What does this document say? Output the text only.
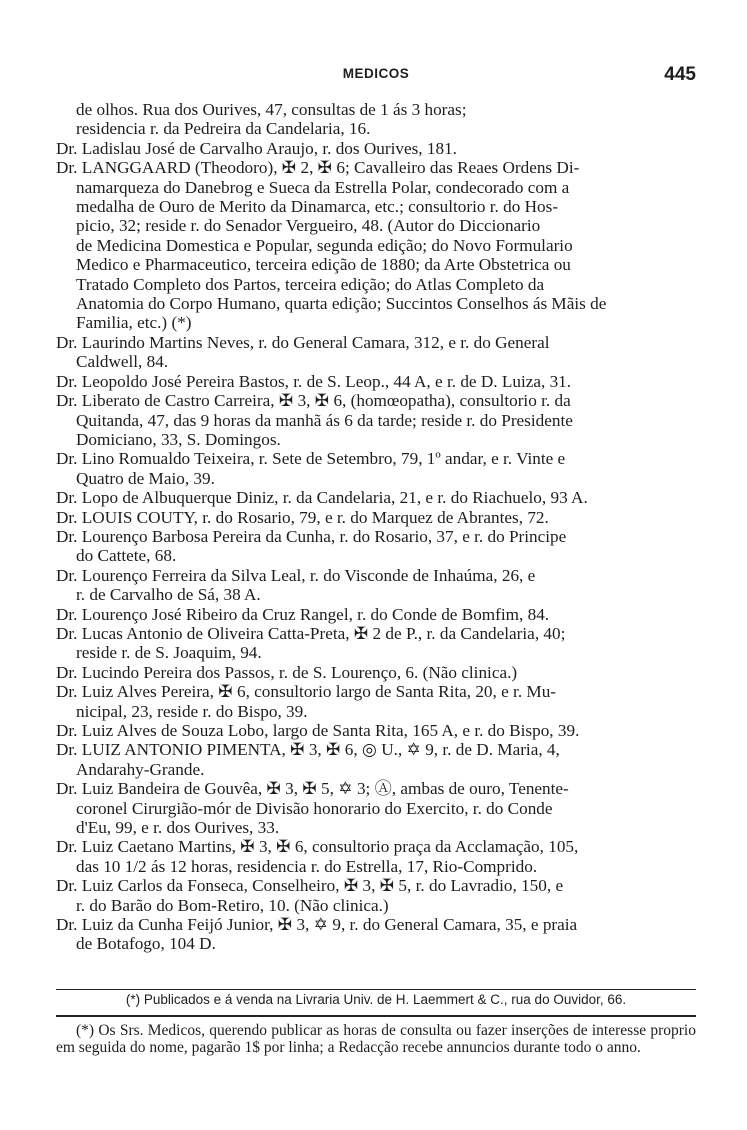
MEDICOS	445
de olhos. Rua dos Ourives, 47, consultas de 1 ás 3 horas;
residencia r. da Pedreira da Candelaria, 16.
Dr. Ladislau José de Carvalho Araujo, r. dos Ourives, 181.
Dr. LANGGAARD (Theodoro), ✠ 2, ✠ 6; Cavalleiro das Reaes Ordens Di-
namarqueza do Danebrog e Sueca da Estrella Polar, condecorado com a
medalha de Ouro de Merito da Dinamarca, etc.; consultorio r. do Hos-
picio, 32; reside r. do Senador Vergueiro, 48. (Autor do Diccionario
de Medicina Domestica e Popular, segunda edição; do Novo Formulario
Medico e Pharmaceutico, terceira edição de 1880; da Arte Obstetrica ou
Tratado Completo dos Partos, terceira edição; do Atlas Completo da
Anatomia do Corpo Humano, quarta edição; Succintos Conselhos ás Mãis de
Familia, etc.) (*)
Dr. Laurindo Martins Neves, r. do General Camara, 312, e r. do General
Caldwell, 84.
Dr. Leopoldo José Pereira Bastos, r. de S. Leop., 44 A, e r. de D. Luiza, 31.
Dr. Liberato de Castro Carreira, ✠ 3, ✠ 6, (homœopatha), consultorio r. da
Quitanda, 47, das 9 horas da manhã ás 6 da tarde; reside r. do Presidente
Domiciano, 33, S. Domingos.
Dr. Lino Romualdo Teixeira, r. Sete de Setembro, 79, 1º andar, e r. Vinte e
Quatro de Maio, 39.
Dr. Lopo de Albuquerque Diniz, r. da Candelaria, 21, e r. do Riachuelo, 93 A.
Dr. LOUIS COUTY, r. do Rosario, 79, e r. do Marquez de Abrantes, 72.
Dr. Lourenço Barbosa Pereira da Cunha, r. do Rosario, 37, e r. do Principe
do Cattete, 68.
Dr. Lourenço Ferreira da Silva Leal, r. do Visconde de Inhaúma, 26, e
r. de Carvalho de Sá, 38 A.
Dr. Lourenço José Ribeiro da Cruz Rangel, r. do Conde de Bomfim, 84.
Dr. Lucas Antonio de Oliveira Catta-Preta, ✠ 2 de P., r. da Candelaria, 40;
reside r. de S. Joaquim, 94.
Dr. Lucindo Pereira dos Passos, r. de S. Lourenço, 6. (Não clinica.)
Dr. Luiz Alves Pereira, ✠ 6, consultorio largo de Santa Rita, 20, e r. Mu-
nicipal, 23, reside r. do Bispo, 39.
Dr. Luiz Alves de Souza Lobo, largo de Santa Rita, 165 A, e r. do Bispo, 39.
Dr. LUIZ ANTONIO PIMENTA, ✠ 3, ✠ 6, ◎ U., ✡ 9, r. de D. Maria, 4,
Andarahy-Grande.
Dr. Luiz Bandeira de Gouvêa, ✠ 3, ✠ 5, ✡ 3; Ⓐ, ambas de ouro, Tenente-
coronel Cirurgião-mór de Divisão honorario do Exercito, r. do Conde
d'Eu, 99, e r. dos Ourives, 33.
Dr. Luiz Caetano Martins, ✠ 3, ✠ 6, consultorio praça da Acclamação, 105,
das 10 1/2 ás 12 horas, residencia r. do Estrella, 17, Rio-Comprido.
Dr. Luiz Carlos da Fonseca, Conselheiro, ✠ 3, ✠ 5, r. do Lavradio, 150, e
r. do Barão do Bom-Retiro, 10. (Não clinica.)
Dr. Luiz da Cunha Feijó Junior, ✠ 3, ✡ 9, r. do General Camara, 35, e praia
de Botafogo, 104 D.
(*) Publicados e á venda na Livraria Univ. de H. Laemmert & C., rua do Ouvidor, 66.
(*) Os Srs. Medicos, querendo publicar as horas de consulta ou fazer inserções de interesse proprio em seguida do nome, pagarão 1$ por linha; a Redacção recebe annuncios durante todo o anno.
